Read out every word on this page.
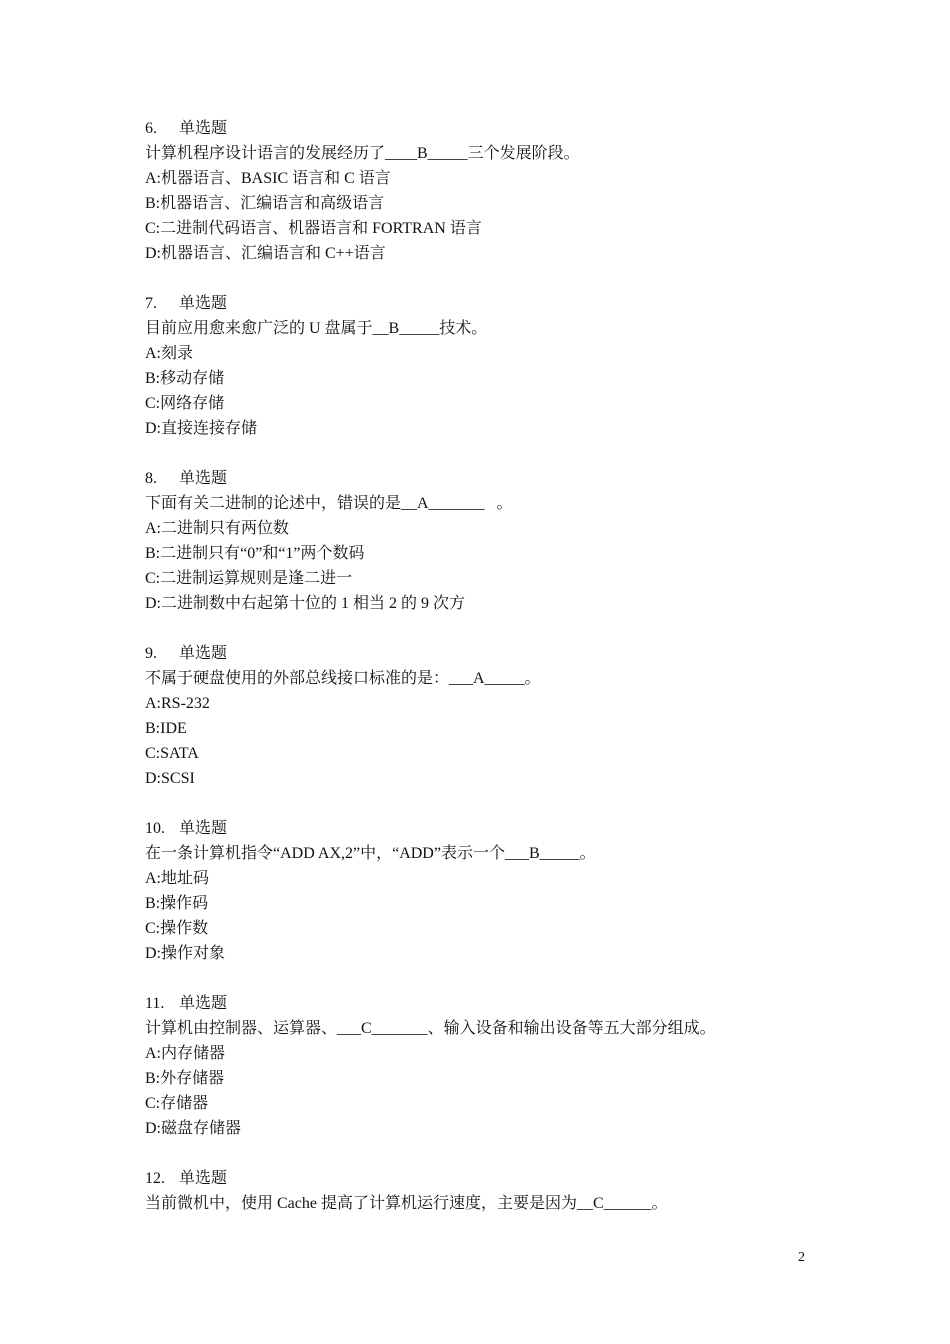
6. 单选题
计算机程序设计语言的发展经历了____B_____三个发展阶段。
A:机器语言、BASIC 语言和 C 语言
B:机器语言、汇编语言和高级语言
C:二进制代码语言、机器语言和 FORTRAN 语言
D:机器语言、汇编语言和 C++语言
7. 单选题
目前应用愈来愈广泛的 U 盘属于__B_____技术。
A:刻录
B:移动存储
C:网络存储
D:直接连接存储
8. 单选题
下面有关二进制的论述中，错误的是__A_______   。
A:二进制只有两位数
B:二进制只有“0”和“1”两个数码
C:二进制运算规则是逢二进一
D:二进制数中右起第十位的 1 相当 2 的 9 次方
9. 单选题
不属于硬盘使用的外部总线接口标准的是：___A_____。
A:RS-232
B:IDE
C:SATA
D:SCSI
10. 单选题
在一条计算机指令“ADD AX,2”中，“ADD”表示一个___B_____。
A:地址码
B:操作码
C:操作数
D:操作对象
11. 单选题
计算机由控制器、运算器、___C_______、输入设备和输出设备等五大部分组成。
A:内存储器
B:外存储器
C:存储器
D:磁盘存储器
12. 单选题
当前微机中，使用 Cache 提高了计算机运行速度，主要是因为__C______。
2
